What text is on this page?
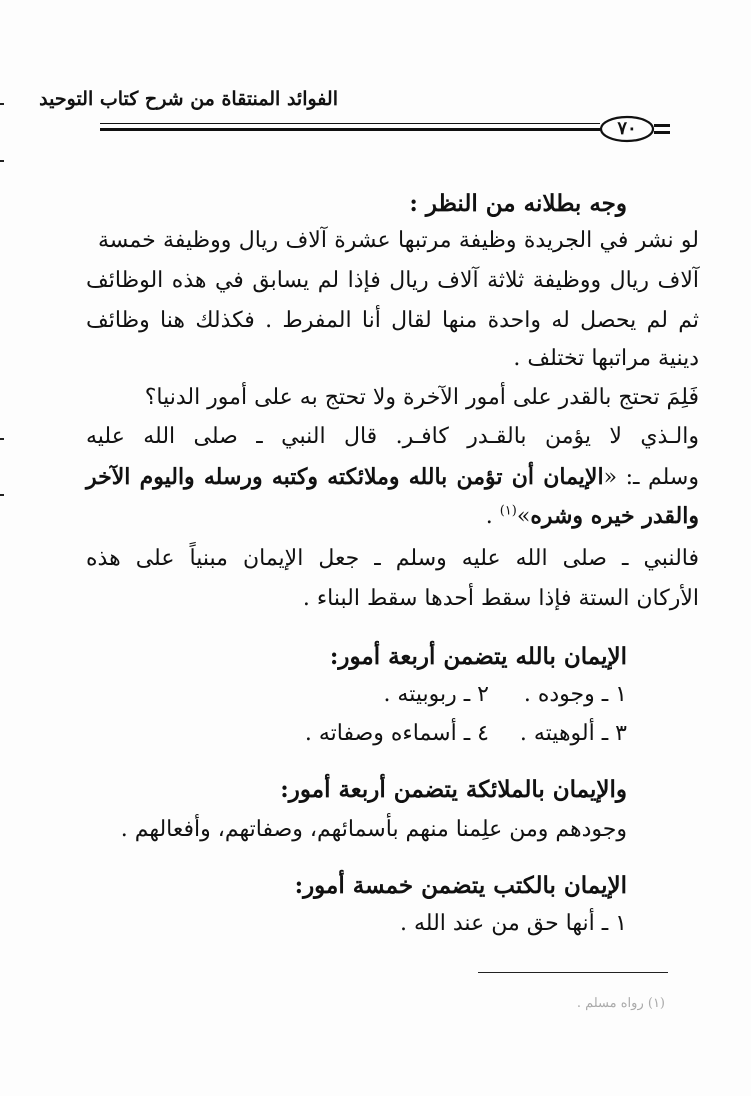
الفوائد المنتقاة من شرح كتاب التوحيد
٧٠
وجه بطلانه من النظر :
لو نشر في الجريدة وظيفة مرتبها عشرة آلاف ريال ووظيفة خمسة
آلاف ريال ووظيفة ثلاثة آلاف ريال فإذا لم يسابق في هذه الوظائف
ثم لم يحصل له واحدة منها لقال أنا المفرط . فكذلك هنا وظائف
دينية مراتبها تختلف .
فَلِمَ تحتج بالقدر على أمور الآخرة ولا تحتج به على أمور الدنيا؟
والـذي لا يؤمن بالقـدر كافـر. قال النبي ـ صلى الله عليه
وسلم ـ: «الإيمان أن تؤمن بالله وملائكته وكتبه ورسله واليوم الآخر
والقدر خيره وشره»$^{(١)}$ .
فالنبي ـ صلى الله عليه وسلم ـ جعل الإيمان مبنياً على هذه
الأركان الستة فإذا سقط أحدها سقط البناء .
الإيمان بالله يتضمن أربعة أمور:
١ ـ وجوده .
٢ ـ ربوبيته .
٣ ـ ألوهيته .
٤ ـ أسماءه وصفاته .
والإيمان بالملائكة يتضمن أربعة أمور:
وجودهم ومن علِمنا منهم بأسمائهم، وصفاتهم، وأفعالهم .
الإيمان بالكتب يتضمن خمسة أمور:
١ ـ أنها حق من عند الله .
(١) رواه مسلم .
